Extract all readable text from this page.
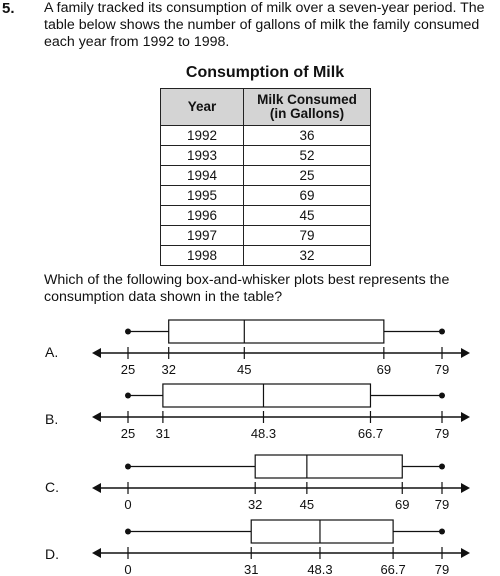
5. A family tracked its consumption of milk over a seven-year period. The table below shows the number of gallons of milk the family consumed each year from 1992 to 1998.

Consumption of Milk
Year	Milk Consumed
(in Gallons)
1992	36
1993	52
1994	25
1995	69
1996	45
1997	79
1998	32

Which of the following box-and-whisker plots best represents the consumption data shown in the table?

A.
25 32	45	69	79
B.
25 31	48.3	66.7	79
C.
0	32	45	69 79
D.
0	31	48.3	66.7 79
